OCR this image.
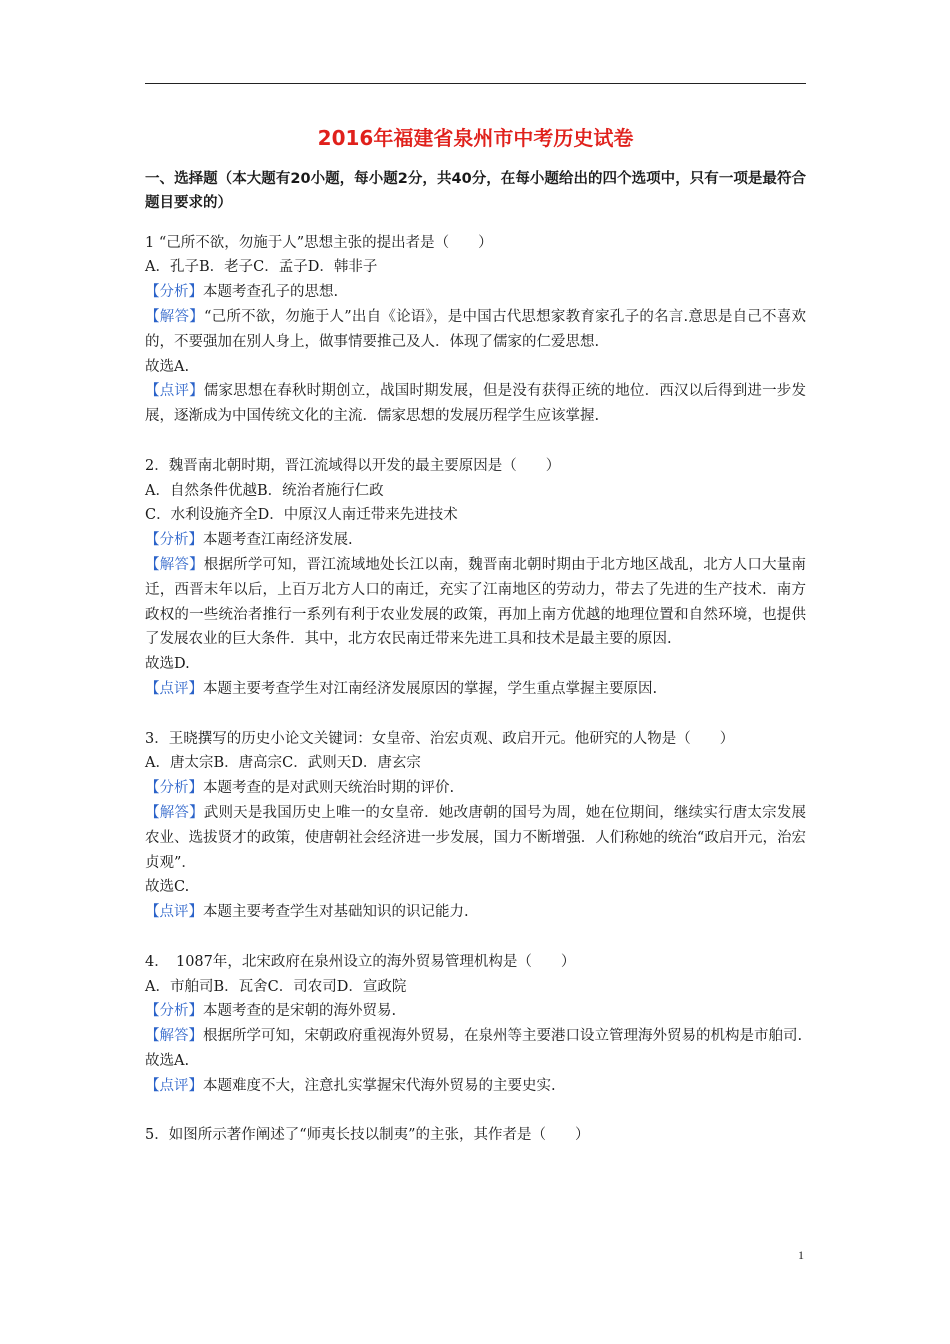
2016年福建省泉州市中考历史试卷

一、选择题（本大题有20小题，每小题2分，共40分，在每小题给出的四个选项中，只有一项是最符合题目要求的）

1 “己所不欲，勿施于人”思想主张的提出者是（　　）

A．孔子B．老子C．孟子D．韩非子

【分析】本题考查孔子的思想.

【解答】“己所不欲，勿施于人”出自《论语》，是中国古代思想家教育家孔子的名言.意思是自己不喜欢的，不要强加在别人身上，做事情要推己及人．体现了儒家的仁爱思想.

故选A.

【点评】儒家思想在春秋时期创立，战国时期发展，但是没有获得正统的地位．西汉以后得到进一步发展，逐渐成为中国传统文化的主流．儒家思想的发展历程学生应该掌握.

2．魏晋南北朝时期，晋江流域得以开发的最主要原因是（　　）

A．自然条件优越B．统治者施行仁政

C．水利设施齐全D．中原汉人南迁带来先进技术

【分析】本题考查江南经济发展.

【解答】根据所学可知，晋江流域地处长江以南，魏晋南北朝时期由于北方地区战乱，北方人口大量南迁，西晋末年以后，上百万北方人口的南迁，充实了江南地区的劳动力，带去了先进的生产技术．南方政权的一些统治者推行一系列有利于农业发展的政策，再加上南方优越的地理位置和自然环境，也提供了发展农业的巨大条件．其中，北方农民南迁带来先进工具和技术是最主要的原因.

故选D.

【点评】本题主要考查学生对江南经济发展原因的掌握，学生重点掌握主要原因.

3．王晓撰写的历史小论文关键词：女皇帝、治宏贞观、政启开元。他研究的人物是（　　）

A．唐太宗B．唐高宗C．武则天D．唐玄宗

【分析】本题考查的是对武则天统治时期的评价.

【解答】武则天是我国历史上唯一的女皇帝．她改唐朝的国号为周，她在位期间，继续实行唐太宗发展农业、选拔贤才的政策，使唐朝社会经济进一步发展，国力不断增强．人们称她的统治“政启开元，治宏贞观”．

故选C.

【点评】本题主要考查学生对基础知识的识记能力.

4．　1087年，北宋政府在泉州设立的海外贸易管理机构是（　　）

A．市舶司B．瓦舍C．司农司D．宣政院

【分析】本题考查的是宋朝的海外贸易.

【解答】根据所学可知，宋朝政府重视海外贸易，在泉州等主要港口设立管理海外贸易的机构是市舶司.

故选A.

【点评】本题难度不大，注意扎实掌握宋代海外贸易的主要史实.

5．如图所示著作阐述了“师夷长技以制夷”的主张，其作者是（　　）

1
